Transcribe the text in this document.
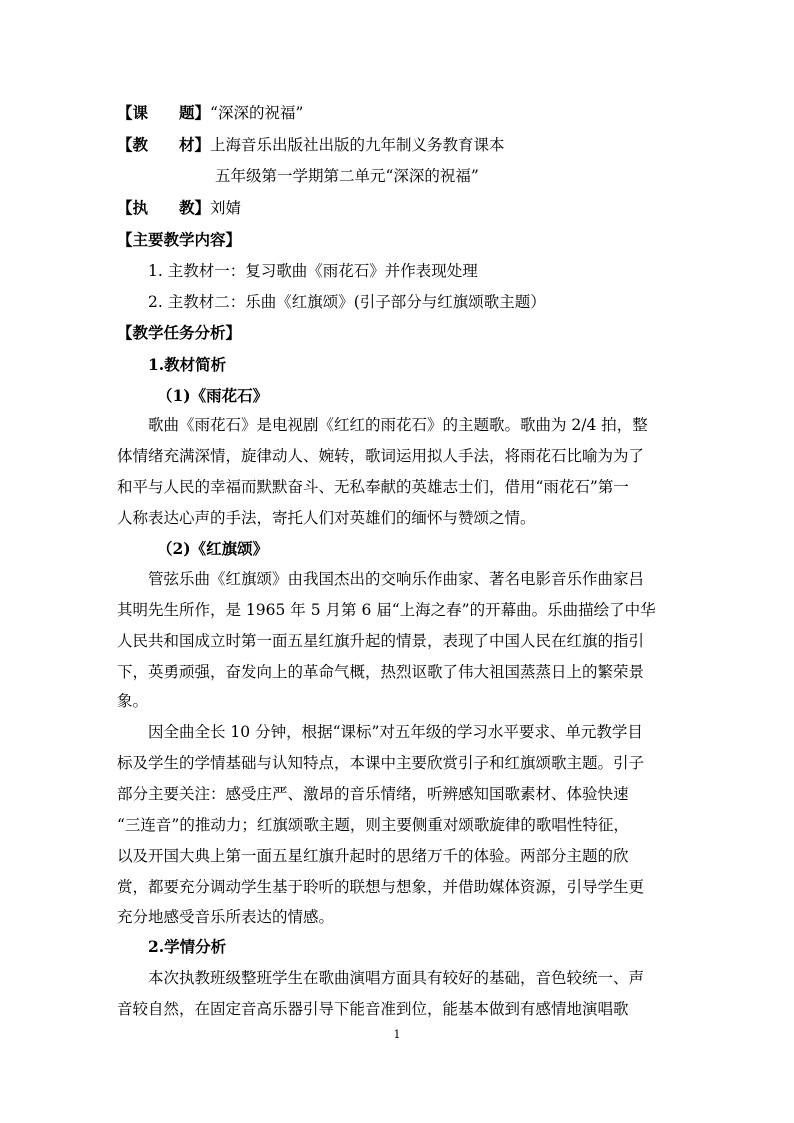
【课　　题】“深深的祝福”
【教　　材】上海音乐出版社出版的九年制义务教育课本
五年级第一学期第二单元“深深的祝福”
【执　　教】刘婧
【主要教学内容】
1. 主教材一：复习歌曲《雨花石》并作表现处理
2. 主教材二：乐曲《红旗颂》(引子部分与红旗颂歌主题）
【教学任务分析】
1.教材简析
（1)《雨花石》
歌曲《雨花石》是电视剧《红红的雨花石》的主题歌。歌曲为 2/4 拍，整
体情绪充满深情，旋律动人、婉转，歌词运用拟人手法，将雨花石比喻为为了
和平与人民的幸福而默默奋斗、无私奉献的英雄志士们，借用“雨花石”第一
人称表达心声的手法，寄托人们对英雄们的缅怀与赞颂之情。
（2)《红旗颂》
管弦乐曲《红旗颂》由我国杰出的交响乐作曲家、著名电影音乐作曲家吕
其明先生所作，是 1965 年 5 月第 6 届“上海之春”的开幕曲。乐曲描绘了中华
人民共和国成立时第一面五星红旗升起的情景，表现了中国人民在红旗的指引
下，英勇顽强，奋发向上的革命气概，热烈讴歌了伟大祖国蒸蒸日上的繁荣景
象。
因全曲全长 10 分钟，根据“课标”对五年级的学习水平要求、单元教学目
标及学生的学情基础与认知特点，本课中主要欣赏引子和红旗颂歌主题。引子
部分主要关注：感受庄严、激昂的音乐情绪，听辨感知国歌素材、体验快速
“三连音”的推动力；红旗颂歌主题，则主要侧重对颂歌旋律的歌唱性特征，
以及开国大典上第一面五星红旗升起时的思绪万千的体验。两部分主题的欣
赏，都要充分调动学生基于聆听的联想与想象，并借助媒体资源，引导学生更
充分地感受音乐所表达的情感。
2.学情分析
本次执教班级整班学生在歌曲演唱方面具有较好的基础，音色较统一、声
音较自然，在固定音高乐器引导下能音准到位，能基本做到有感情地演唱歌
1
